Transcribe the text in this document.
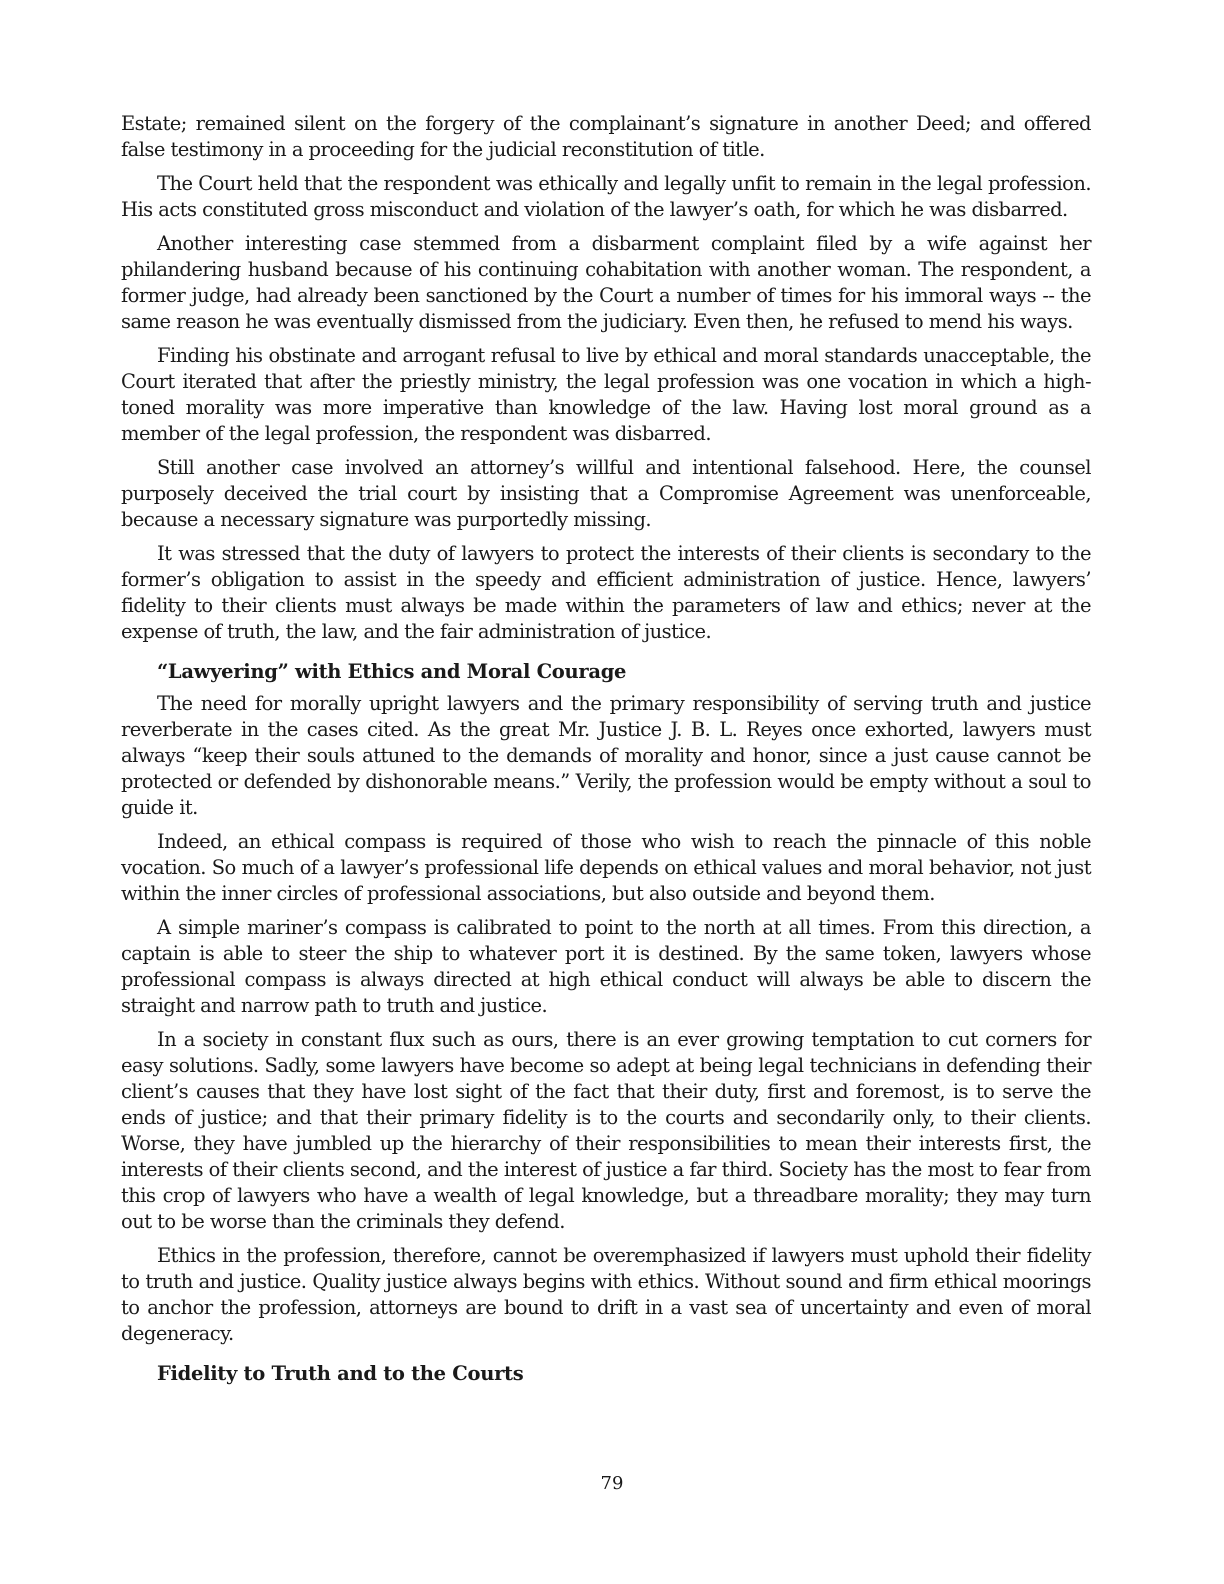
Estate; remained silent on the forgery of the complainant’s signature in another Deed; and offered false testimony in a proceeding for the judicial reconstitution of title.

The Court held that the respondent was ethically and legally unfit to remain in the legal profession. His acts constituted gross misconduct and violation of the lawyer’s oath, for which he was disbarred.

Another interesting case stemmed from a disbarment complaint filed by a wife against her philandering husband because of his continuing cohabitation with another woman. The respondent, a former judge, had already been sanctioned by the Court a number of times for his immoral ways -- the same reason he was eventually dismissed from the judiciary. Even then, he refused to mend his ways.

Finding his obstinate and arrogant refusal to live by ethical and moral standards unacceptable, the Court iterated that after the priestly ministry, the legal profession was one vocation in which a high-toned morality was more imperative than knowledge of the law. Having lost moral ground as a member of the legal profession, the respondent was disbarred.

Still another case involved an attorney’s willful and intentional falsehood. Here, the counsel purposely deceived the trial court by insisting that a Compromise Agreement was unenforceable, because a necessary signature was purportedly missing.

It was stressed that the duty of lawyers to protect the interests of their clients is secondary to the former’s obligation to assist in the speedy and efficient administration of justice. Hence, lawyers’ fidelity to their clients must always be made within the parameters of law and ethics; never at the expense of truth, the law, and the fair administration of justice.

“Lawyering” with Ethics and Moral Courage

The need for morally upright lawyers and the primary responsibility of serving truth and justice reverberate in the cases cited. As the great Mr. Justice J. B. L. Reyes once exhorted, lawyers must always “keep their souls attuned to the demands of morality and honor, since a just cause cannot be protected or defended by dishonorable means.” Verily, the profession would be empty without a soul to guide it.

Indeed, an ethical compass is required of those who wish to reach the pinnacle of this noble vocation. So much of a lawyer’s professional life depends on ethical values and moral behavior, not just within the inner circles of professional associations, but also outside and beyond them.

A simple mariner’s compass is calibrated to point to the north at all times. From this direction, a captain is able to steer the ship to whatever port it is destined. By the same token, lawyers whose professional compass is always directed at high ethical conduct will always be able to discern the straight and narrow path to truth and justice.

In a society in constant flux such as ours, there is an ever growing temptation to cut corners for easy solutions. Sadly, some lawyers have become so adept at being legal technicians in defending their client’s causes that they have lost sight of the fact that their duty, first and foremost, is to serve the ends of justice; and that their primary fidelity is to the courts and secondarily only, to their clients. Worse, they have jumbled up the hierarchy of their responsibilities to mean their interests first, the interests of their clients second, and the interest of justice a far third. Society has the most to fear from this crop of lawyers who have a wealth of legal knowledge, but a threadbare morality; they may turn out to be worse than the criminals they defend.

Ethics in the profession, therefore, cannot be overemphasized if lawyers must uphold their fidelity to truth and justice. Quality justice always begins with ethics. Without sound and firm ethical moorings to anchor the profession, attorneys are bound to drift in a vast sea of uncertainty and even of moral degeneracy.

Fidelity to Truth and to the Courts
79
